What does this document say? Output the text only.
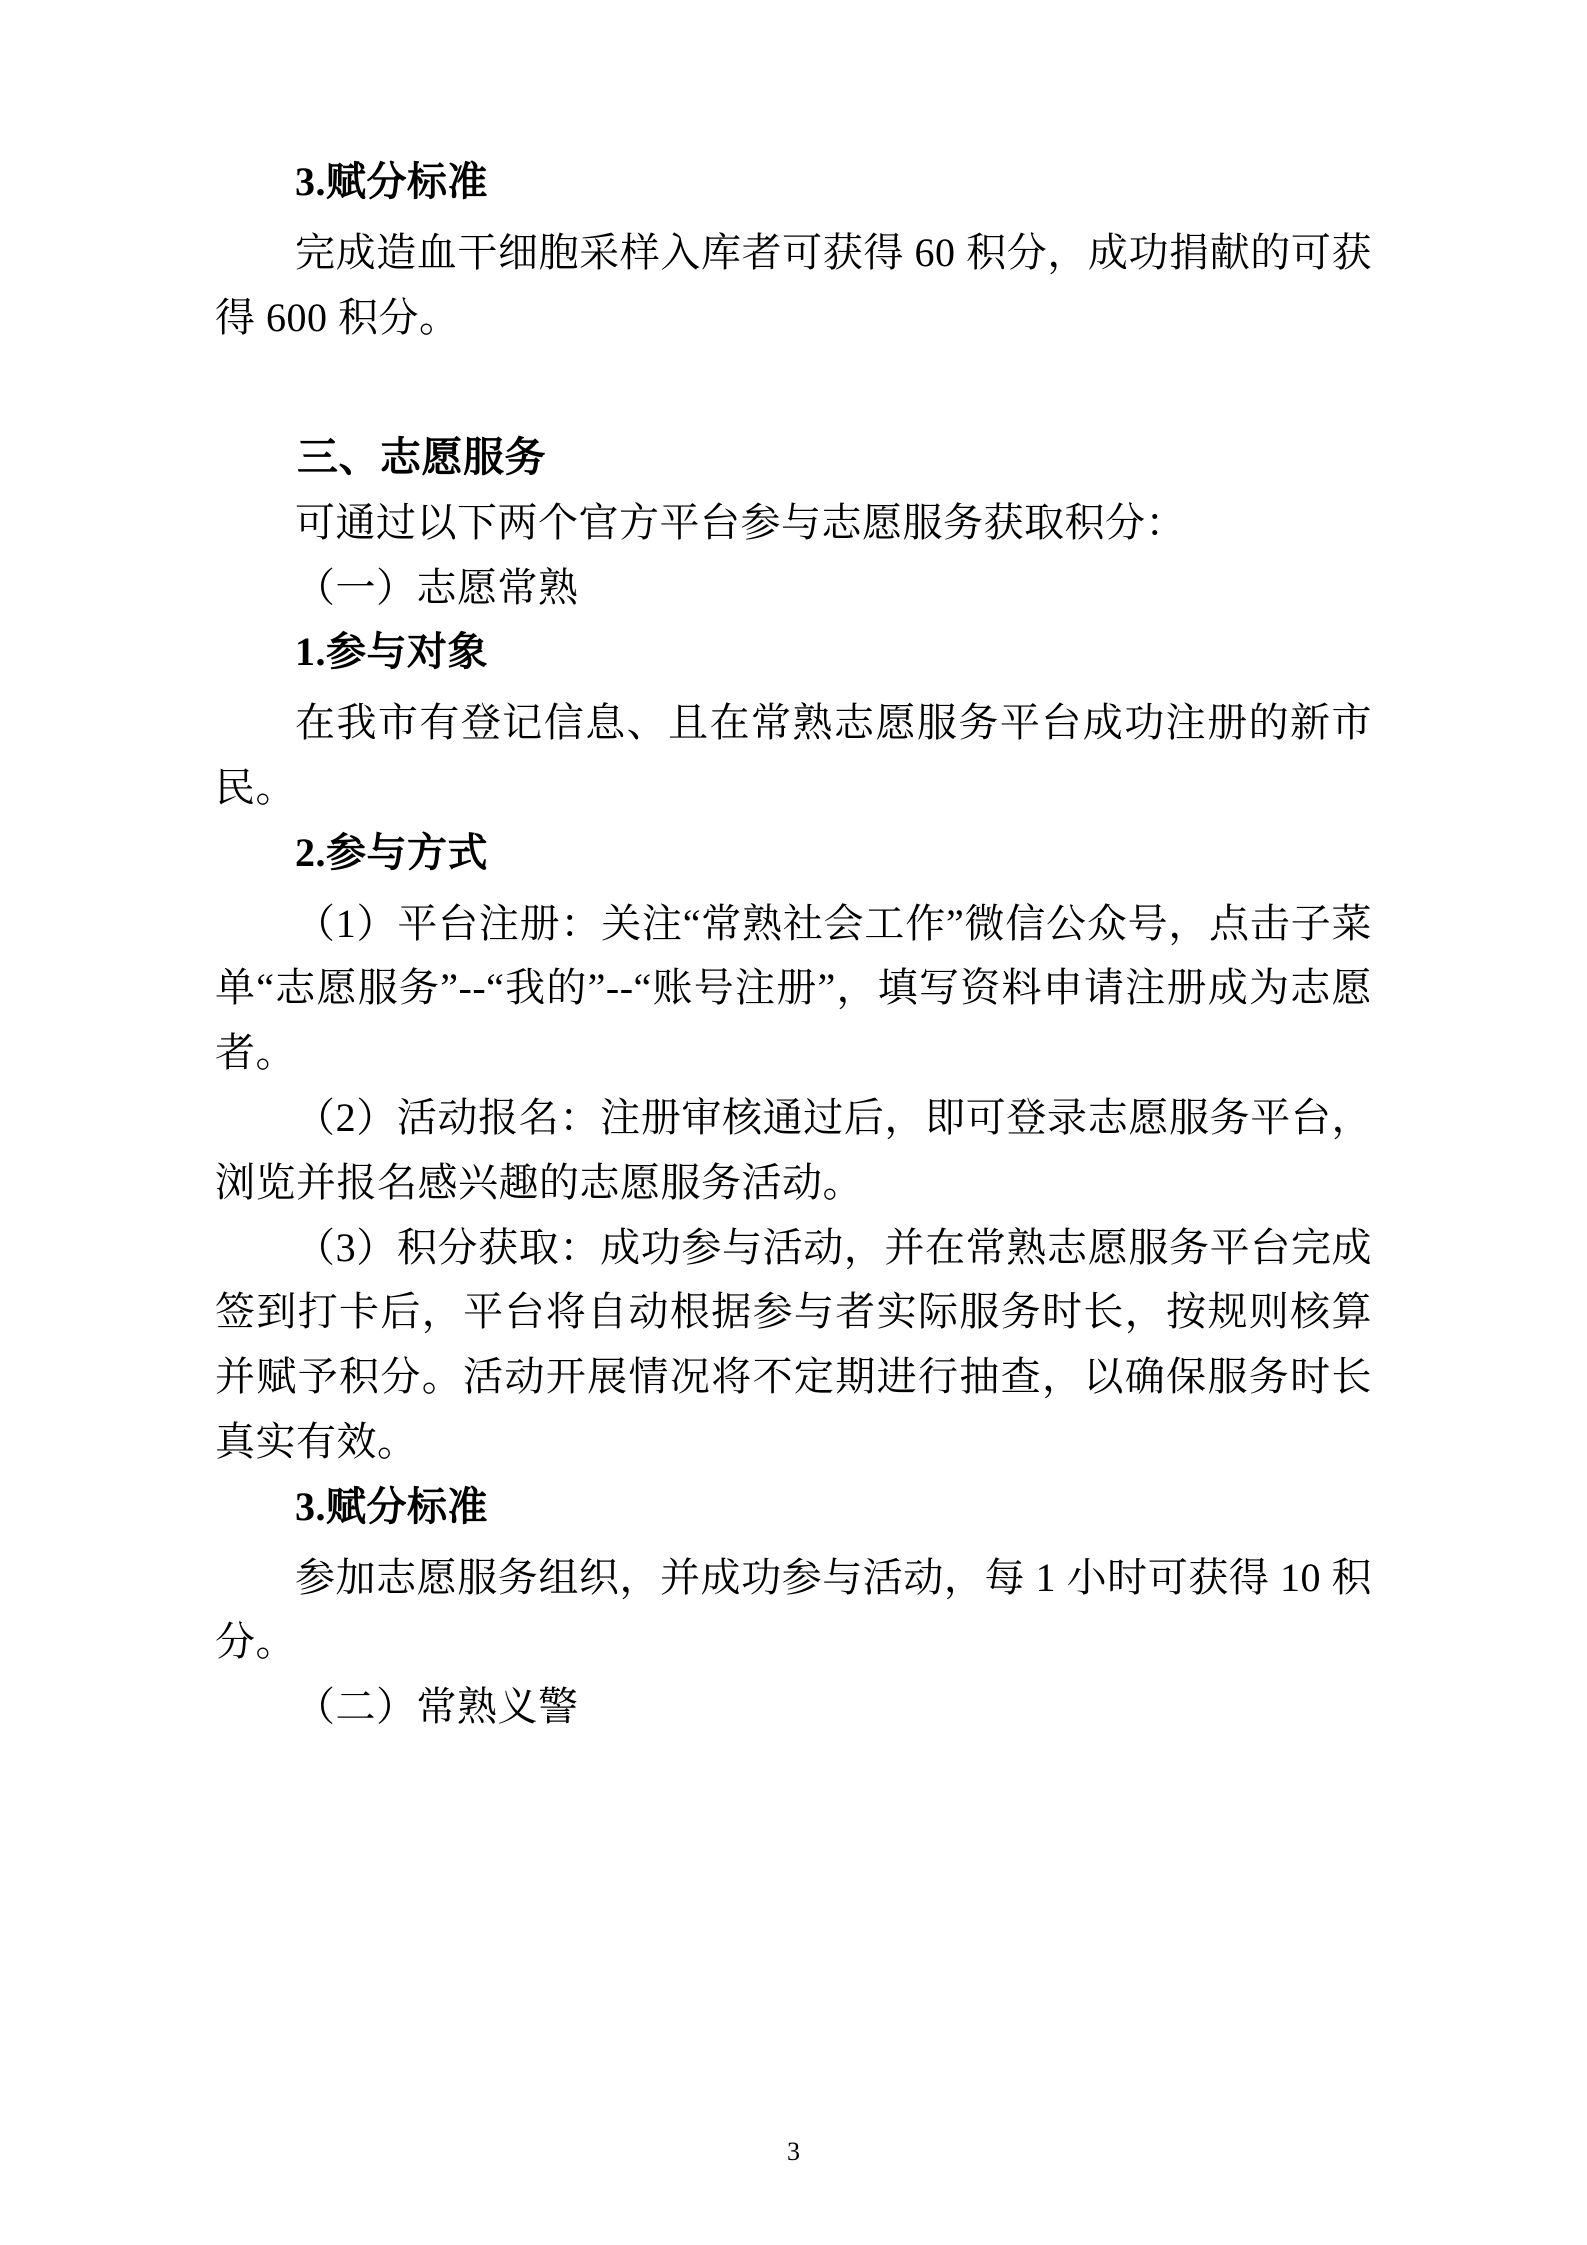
3.赋分标准

完成造血干细胞采样入库者可获得 60 积分，成功捐献的可获得 600 积分。

三、志愿服务

可通过以下两个官方平台参与志愿服务获取积分：

（一）志愿常熟

1.参与对象

在我市有登记信息、且在常熟志愿服务平台成功注册的新市民。

2.参与方式

（1）平台注册：关注“常熟社会工作”微信公众号，点击子菜单“志愿服务”--“我的”--“账号注册”，填写资料申请注册成为志愿者。

（2）活动报名：注册审核通过后，即可登录志愿服务平台，浏览并报名感兴趣的志愿服务活动。

（3）积分获取：成功参与活动，并在常熟志愿服务平台完成签到打卡后，平台将自动根据参与者实际服务时长，按规则核算并赋予积分。活动开展情况将不定期进行抽查，以确保服务时长真实有效。

3.赋分标准

参加志愿服务组织，并成功参与活动，每 1 小时可获得 10 积分。

（二）常熟义警

3
